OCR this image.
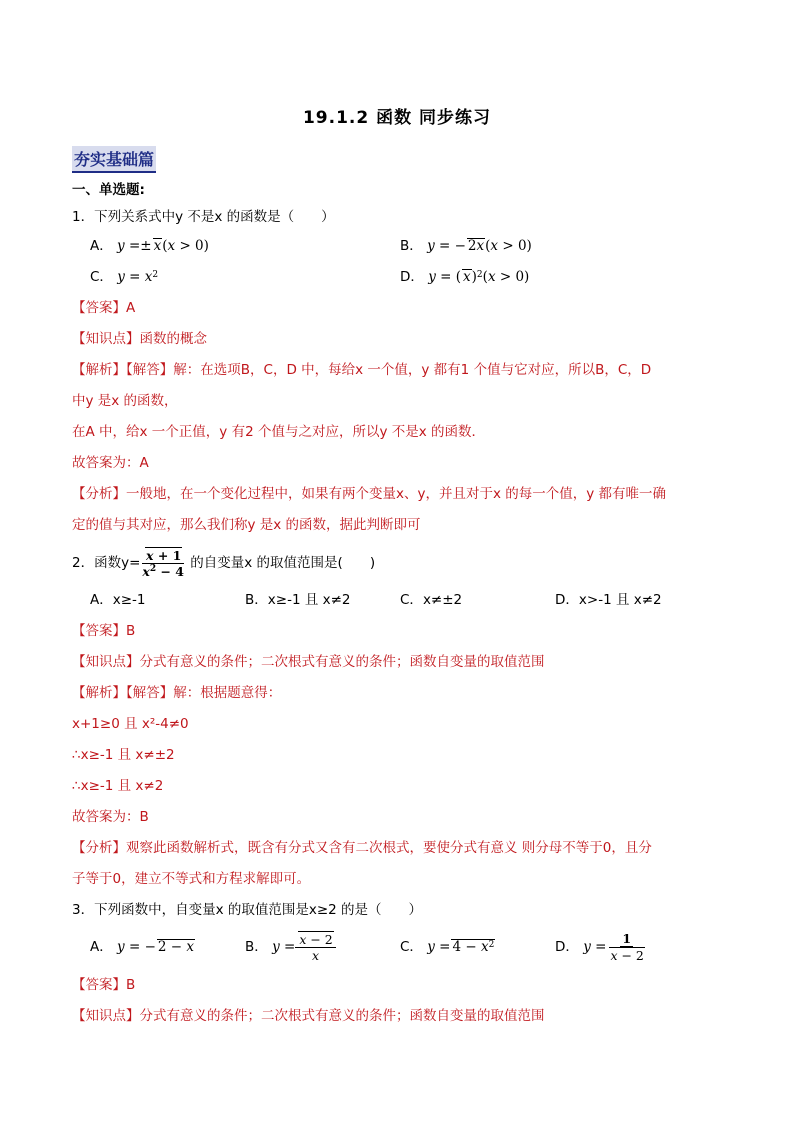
19.1.2 函数 同步练习
夯实基础篇
一、单选题:
1．下列关系式中y 不是x 的函数是（　　）
A． y =± x(x > 0)	B． y = − 2x(x > 0)
C． $y = x^2$	D． y = ( x)$^2$(x > 0)
【答案】A
【知识点】函数的概念
【解析】【解答】解：在选项B，C，D 中，每给x 一个值，y 都有1 个值与它对应，所以B，C，D
中y 是x 的函数，
在A 中，给x 一个正值，y 有2 个值与之对应，所以y 不是x 的函数．
故答案为：A
【分析】一般地，在一个变化过程中，如果有两个变量x、y，并且对于x 的每一个值，y 都有唯一确
定的值与其对应，那么我们称y 是x 的函数，据此判断即可
2．函数$y= \frac{x + 1}{x^2 - 4}$ 的自变量x 的取值范围是(　　)
A．x≥-1	B．x≥-1 且 x≠2	C．x≠±2	D．x>-1 且 x≠2
【答案】B
【知识点】分式有意义的条件；二次根式有意义的条件；函数自变量的取值范围
【解析】【解答】解：根据题意得：
x+1≥0 且 x²-4≠0
∴x≥-1 且 x≠±2
∴x≥-1 且 x≠2
故答案为：B
【分析】观察此函数解析式，既含有分式又含有二次根式，要使分式有意义 则分母不等于0，且分
子等于0，建立不等式和方程求解即可。
3．下列函数中，自变量x 的取值范围是x≥2 的是（　　）
A． y = − 2 − x	B． $y = \frac{x - 2}{x}$	C． $y = 4 - x^2$	D． $y = \frac{1}{x - 2}$
【答案】B
【知识点】分式有意义的条件；二次根式有意义的条件；函数自变量的取值范围
